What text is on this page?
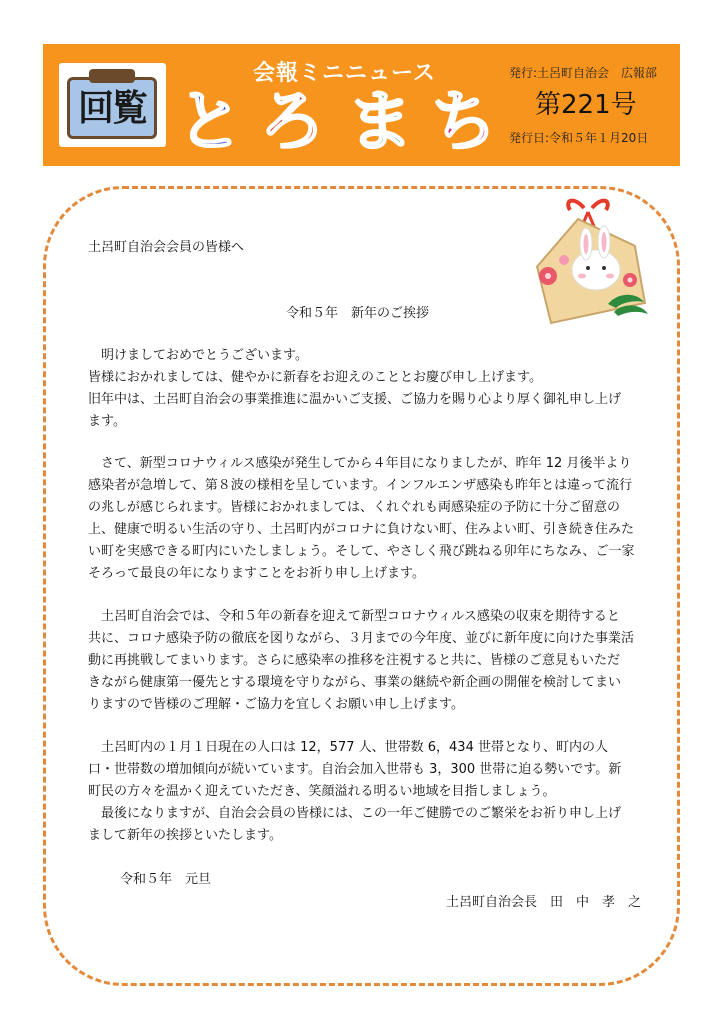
回覧
会報ミニニュース
と ろ ま ち
発行:土呂町自治会　広報部
第221号
発行日:令和５年１月20日
土呂町自治会会員の皆様へ
令和５年　新年のご挨拶
　明けましておめでとうございます。
皆様におかれましては、健やかに新春をお迎えのこととお慶び申し上げます。
旧年中は、土呂町自治会の事業推進に温かいご支援、ご協力を賜り心より厚く御礼申し上げ
ます。
　さて、新型コロナウィルス感染が発生してから４年目になりましたが、昨年 12 月後半より
感染者が急増して、第８波の様相を呈しています。インフルエンザ感染も昨年とは違って流行
の兆しが感じられます。皆様におかれましては、くれぐれも両感染症の予防に十分ご留意の
上、健康で明るい生活の守り、土呂町内がコロナに負けない町、住みよい町、引き続き住みた
い町を実感できる町内にいたしましょう。そして、やさしく飛び跳ねる卯年にちなみ、ご一家
そろって最良の年になりますことをお祈り申し上げます。
　土呂町自治会では、令和５年の新春を迎えて新型コロナウィルス感染の収束を期待すると
共に、コロナ感染予防の徹底を図りながら、３月までの今年度、並びに新年度に向けた事業活
動に再挑戦してまいります。さらに感染率の推移を注視すると共に、皆様のご意見もいただ
きながら健康第一優先とする環境を守りながら、事業の継続や新企画の開催を検討してまい
りますので皆様のご理解・ご協力を宜しくお願い申し上げます。
　土呂町内の１月１日現在の人口は 12，577 人、世帯数 6，434 世帯となり、町内の人
口・世帯数の増加傾向が続いています。自治会加入世帯も 3，300 世帯に迫る勢いです。新
町民の方々を温かく迎えていただき、笑顔溢れる明るい地域を目指しましょう。
　最後になりますが、自治会会員の皆様には、この一年ご健勝でのご繁栄をお祈り申し上げ
まして新年の挨拶といたします。
令和５年　元旦
土呂町自治会長　田　中　孝　之
